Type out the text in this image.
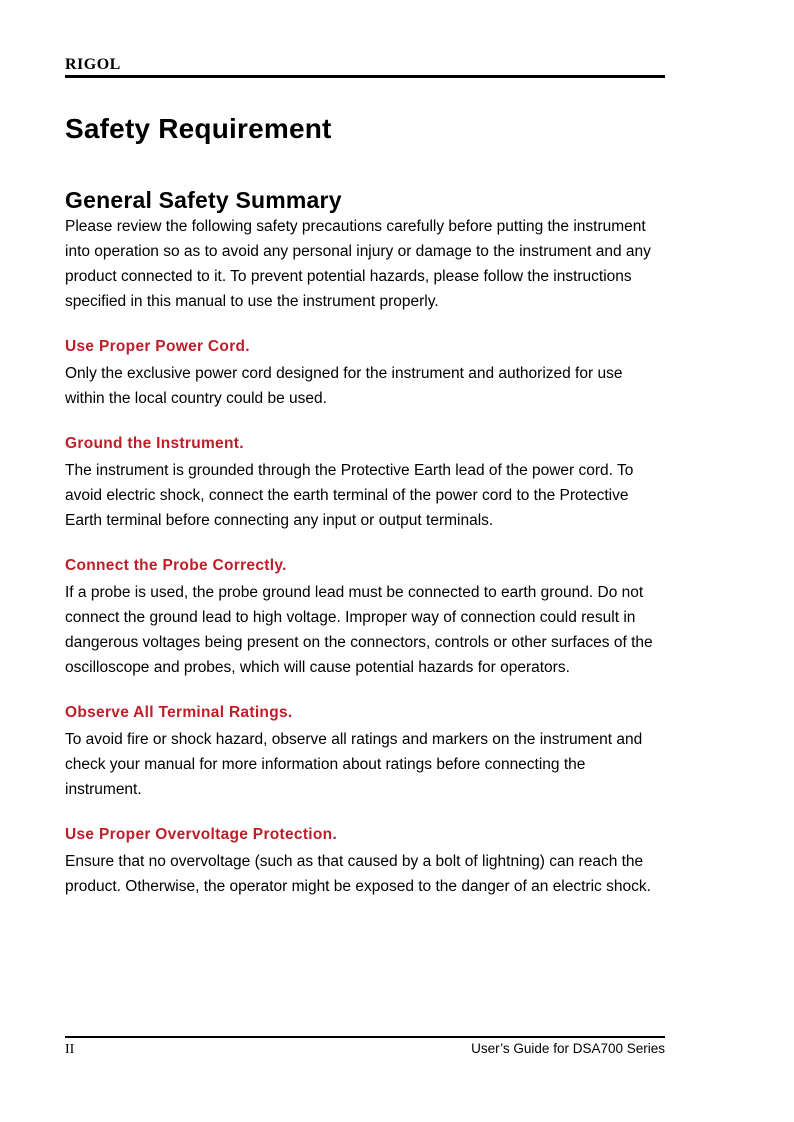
RIGOL
Safety Requirement
General Safety Summary

Please review the following safety precautions carefully before putting the instrument into operation so as to avoid any personal injury or damage to the instrument and any product connected to it. To prevent potential hazards, please follow the instructions specified in this manual to use the instrument properly.

Use Proper Power Cord.

Only the exclusive power cord designed for the instrument and authorized for use within the local country could be used.

Ground the Instrument.

The instrument is grounded through the Protective Earth lead of the power cord. To avoid electric shock, connect the earth terminal of the power cord to the Protective Earth terminal before connecting any input or output terminals.

Connect the Probe Correctly.

If a probe is used, the probe ground lead must be connected to earth ground. Do not connect the ground lead to high voltage. Improper way of connection could result in dangerous voltages being present on the connectors, controls or other surfaces of the oscilloscope and probes, which will cause potential hazards for operators.

Observe All Terminal Ratings.

To avoid fire or shock hazard, observe all ratings and markers on the instrument and check your manual for more information about ratings before connecting the instrument.

Use Proper Overvoltage Protection.

Ensure that no overvoltage (such as that caused by a bolt of lightning) can reach the product. Otherwise, the operator might be exposed to the danger of an electric shock.

II	User’s Guide for DSA700 Series
